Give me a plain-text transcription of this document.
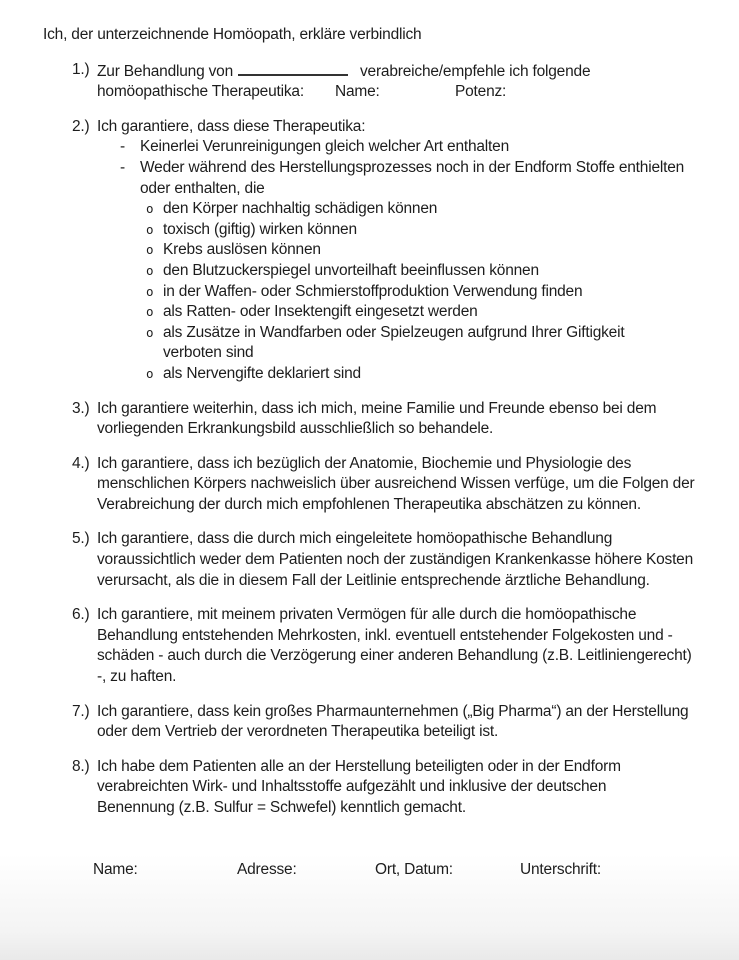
Ich, der unterzeichnende Homöopath, erkläre verbindlich
1.) Zur Behandlung von	verabreiche/empfehle ich folgende
homöopathische Therapeutika: Name:	Potenz:
2.) Ich garantiere, dass diese Therapeutika:
- Keinerlei Verunreinigungen gleich welcher Art enthalten
- Weder während des Herstellungsprozesses noch in der Endform Stoffe enthielten
oder enthalten, die
o den Körper nachhaltig schädigen können
o toxisch (giftig) wirken können
o Krebs auslösen können
o den Blutzuckerspiegel unvorteilhaft beeinflussen können
o in der Waffen- oder Schmierstoffproduktion Verwendung finden
o als Ratten- oder Insektengift eingesetzt werden
o als Zusätze in Wandfarben oder Spielzeugen aufgrund Ihrer Giftigkeit
verboten sind
o als Nervengifte deklariert sind
3.) Ich garantiere weiterhin, dass ich mich, meine Familie und Freunde ebenso bei dem
vorliegenden Erkrankungsbild ausschließlich so behandele.
4.) Ich garantiere, dass ich bezüglich der Anatomie, Biochemie und Physiologie des
menschlichen Körpers nachweislich über ausreichend Wissen verfüge, um die Folgen der
Verabreichung der durch mich empfohlenen Therapeutika abschätzen zu können.
5.) Ich garantiere, dass die durch mich eingeleitete homöopathische Behandlung
voraussichtlich weder dem Patienten noch der zuständigen Krankenkasse höhere Kosten
verursacht, als die in diesem Fall der Leitlinie entsprechende ärztliche Behandlung.
6.) Ich garantiere, mit meinem privaten Vermögen für alle durch die homöopathische
Behandlung entstehenden Mehrkosten, inkl. eventuell entstehender Folgekosten und -
schäden - auch durch die Verzögerung einer anderen Behandlung (z.B. Leitliniengerecht)
-, zu haften.
7.) Ich garantiere, dass kein großes Pharmaunternehmen („Big Pharma“) an der Herstellung
oder dem Vertrieb der verordneten Therapeutika beteiligt ist.
8.) Ich habe dem Patienten alle an der Herstellung beteiligten oder in der Endform
verabreichten Wirk- und Inhaltsstoffe aufgezählt und inklusive der deutschen
Benennung (z.B. Sulfur = Schwefel) kenntlich gemacht.
Name:	Adresse:	Ort, Datum:	Unterschrift:
